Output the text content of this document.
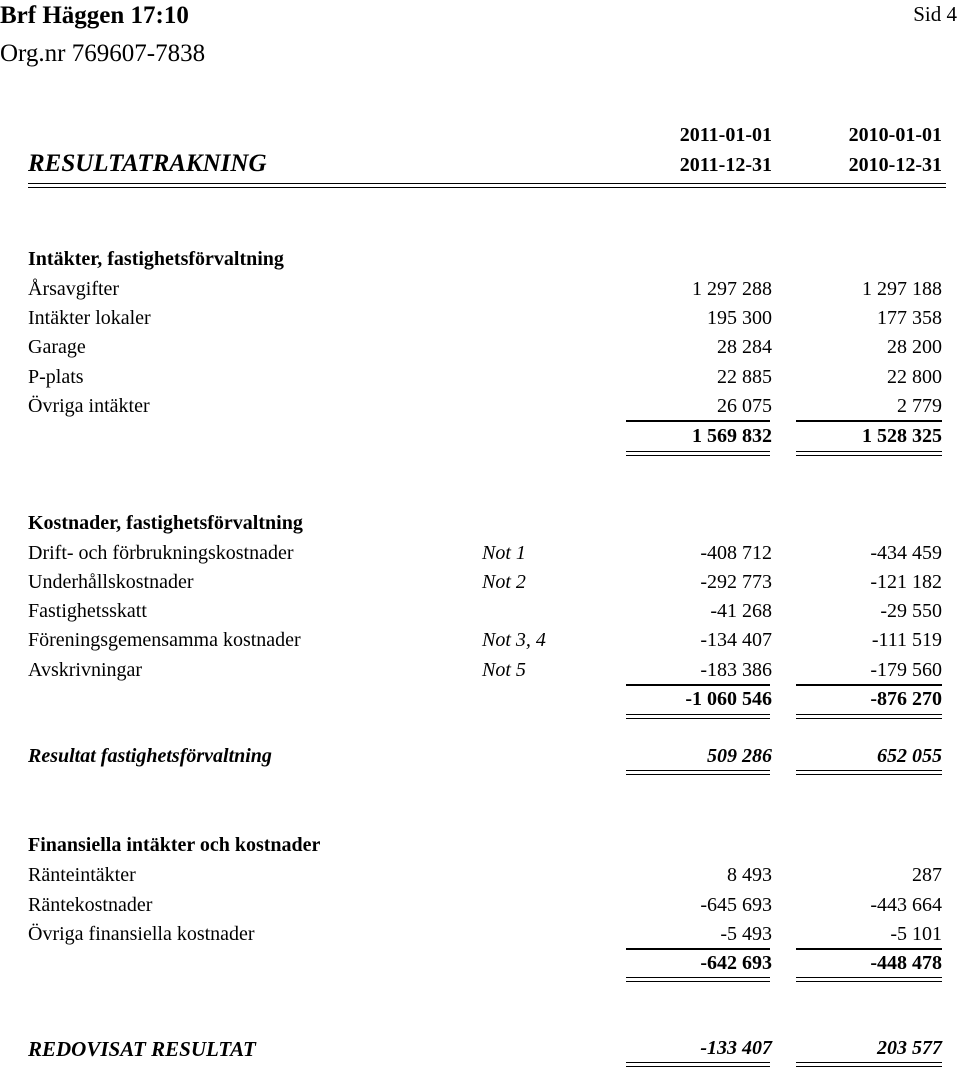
Brf Häggen 17:10
Org.nr 769607-7838
Sid 4
2011-01-01	2010-01-01
RESULTATRAKNING	2011-12-31	2010-12-31
Intäkter, fastighetsförvaltning
Årsavgifter	1 297 288	1 297 188
Intäkter lokaler	195 300	177 358
Garage	28 284	28 200
P-plats	22 885	22 800
Övriga intäkter	26 075	2 779
1 569 832	1 528 325
Kostnader, fastighetsförvaltning
Drift- och förbrukningskostnader	Not 1	-408 712	-434 459
Underhållskostnader	Not 2	-292 773	-121 182
Fastighetsskatt	-41 268	-29 550
Föreningsgemensamma kostnader	Not 3, 4	-134 407	-111 519
Avskrivningar	Not 5	-183 386	-179 560
-1 060 546	-876 270
Resultat fastighetsförvaltning	509 286	652 055
Finansiella intäkter och kostnader
Ränteintäkter	8 493	287
Räntekostnader	-645 693	-443 664
Övriga finansiella kostnader	-5 493	-5 101
-642 693	-448 478
REDOVISAT RESULTAT	-133 407	203 577
